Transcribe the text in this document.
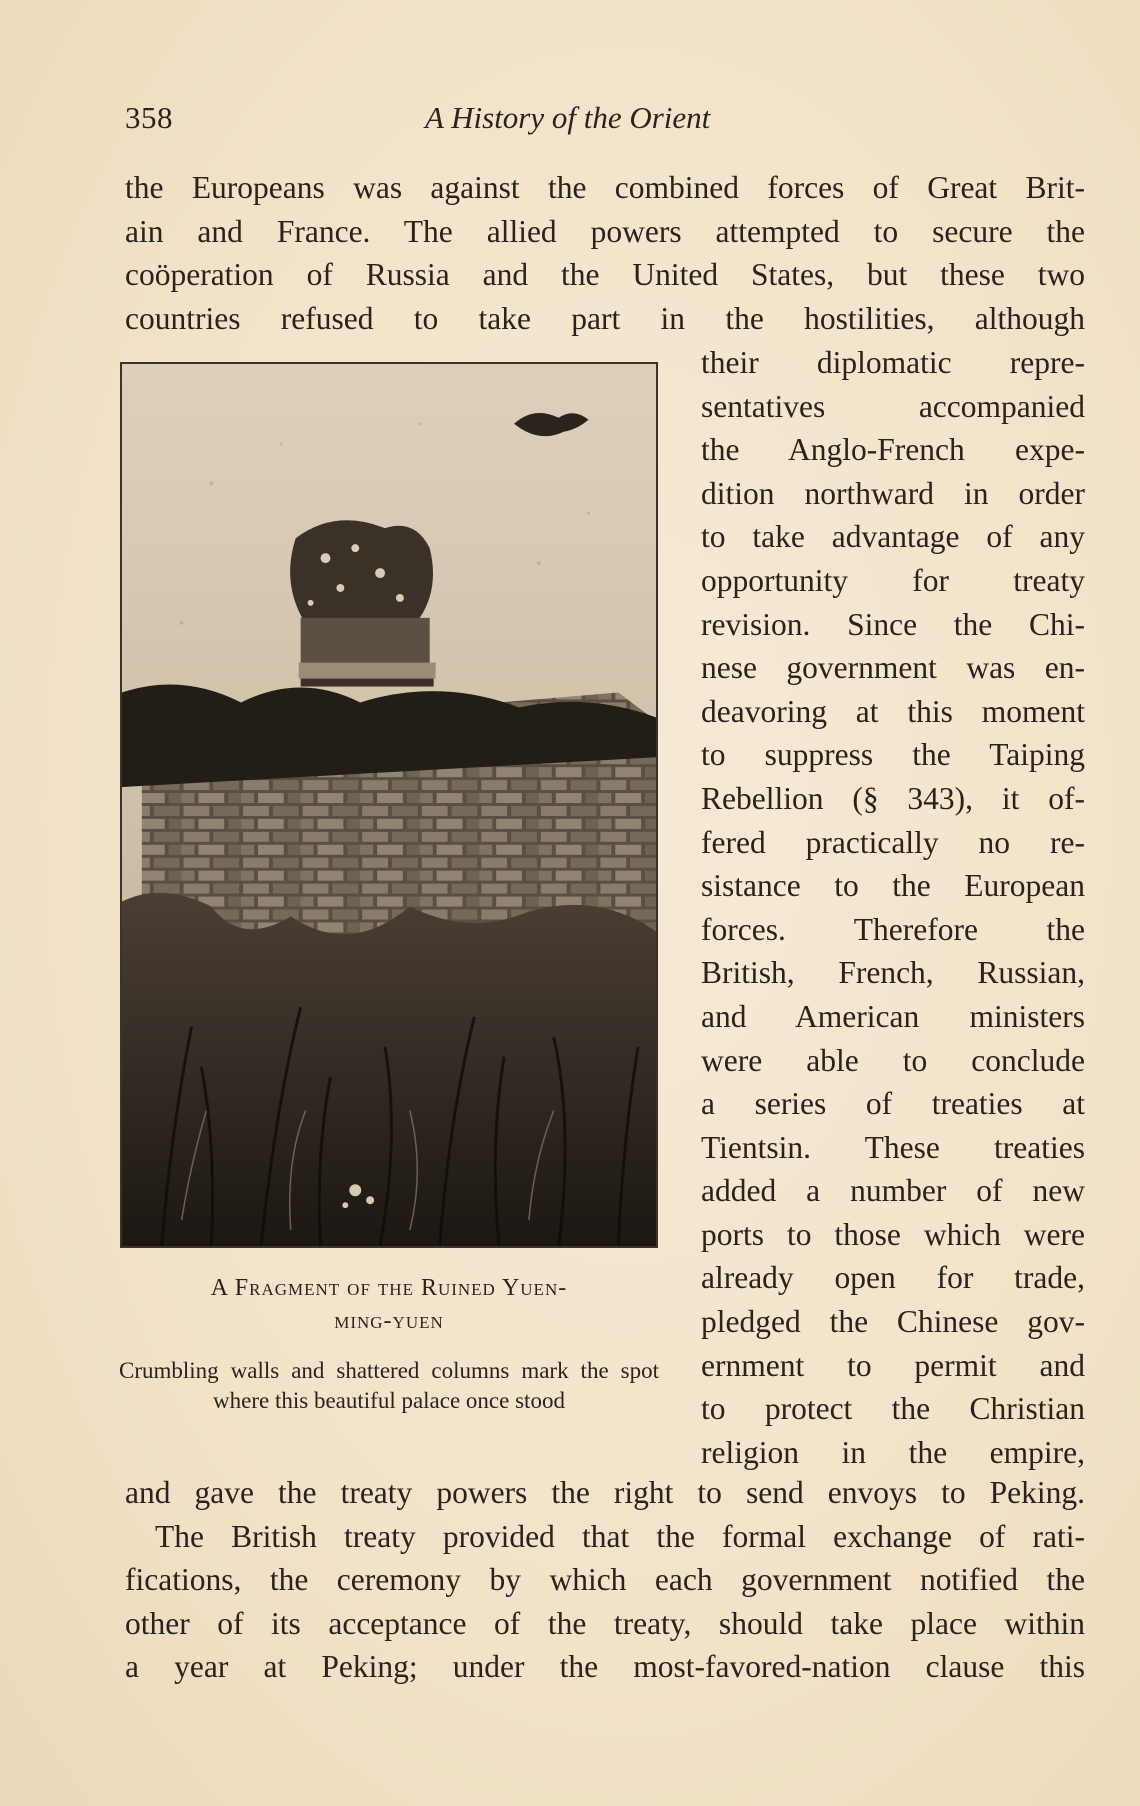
358	A History of the Orient
the Europeans was against the combined forces of Great Brit-
ain and France. The allied powers attempted to secure the
coöperation of Russia and the United States, but these two
countries refused to take part in the hostilities, although
A Fragment of the Ruined Yuen-
ming-yuen
Crumbling walls and shattered columns mark the spot where this beautiful palace once stood
their diplomatic repre-
sentatives accompanied
the Anglo-French expe-
dition northward in order
to take advantage of any
opportunity for treaty
revision. Since the Chi-
nese government was en-
deavoring at this moment
to suppress the Taiping
Rebellion (§ 343), it of-
fered practically no re-
sistance to the European
forces. Therefore the
British, French, Russian,
and American ministers
were able to conclude
a series of treaties at
Tientsin. These treaties
added a number of new
ports to those which were
already open for trade,
pledged the Chinese gov-
ernment to permit and
to protect the Christian
religion in the empire,
and gave the treaty powers the right to send envoys to Peking.
The British treaty provided that the formal exchange of rati-
fications, the ceremony by which each government notified the
other of its acceptance of the treaty, should take place within
a year at Peking; under the most-favored-nation clause this
